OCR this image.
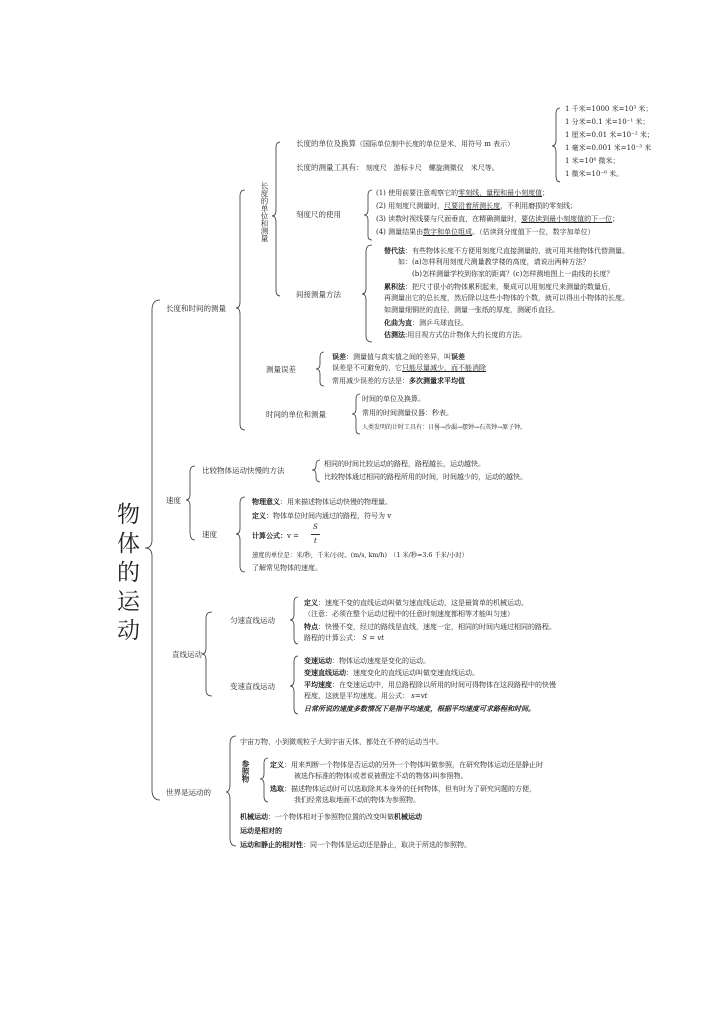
物体的运动
长度和时间的测量
长度的单位和测量
长度的单位及换算（国际单位制中长度的单位是米，用符号 m 表示）
长度的测量工具有： 刻度尺　游标卡尺　螺旋测微仪　米尺等。
1 千米=1000 米=10³ 米；
1 分米=0.1 米=10⁻¹ 米；
1 厘米=0.01 米=10⁻² 米；
1 毫米=0.001 米=10⁻³ 米
1 米=10⁶ 微米；
1 微米=10⁻⁶ 米。
刻度尺的使用
(1) 使用前要注意观察它的零刻线、量程和最小刻度值；
(2) 用刻度尺测量时，尺要沿着所测长度，不利用磨损的零刻线；
(3) 读数时视线要与尺面垂直，在精确测量时，要估读到最小刻度值的下一位；
(4) 测量结果由数字和单位组成。（估读到分度值下一位，数字加单位）
间接测量方法
替代法：有些物体长度不方便用刻度尺直接测量的，就可用其他物体代替测量。
如：(a)怎样利用刻度尺测量教学楼的高度，请说出两种方法？
(b)怎样测量学校到你家的距离？(c)怎样测地图上一曲线的长度？
累积法：把尺寸很小的物体累积起来，聚成可以用刻度尺来测量的数量后，
再测量出它的总长度，然后除以这些小物体的个数，就可以得出小物体的长度。
如测量细铜丝的直径，测量一张纸的厚度，测硬币直径。
化曲为直：测乒乓球直径。
估测法:用目视方式估计物体大约长度的方法。
测量误差
误差：测量值与真实值之间的差异，叫误差
误差是不可避免的，它只能尽量减少，而不能消除
常用减少误差的方法是：多次测量求平均值
时间的单位和测量
时间的单位及换算。
常用的时间测量仪器：秒表。
人类发明的计时工具有：日晷→沙漏→摆钟→石英钟→原子钟。
速度
比较物体运动快慢的方法
相同的时间比较运动的路程，路程越长，运动越快。
比较物体通过相同的路程所用的时间，时间越少的，运动的越快。
速度
物理意义：用来描述物体运动快慢的物理量。
定义：物体单位时间内通过的路程，符号为 v
计算公式：v =
S
t
速度的单位是：米/秒，千米/小时。(m/s, km/h)　（1 米/秒=3.6 千米/小时）
了解常见物体的速度。
直线运动
匀速直线运动
定义：速度不变的直线运动叫做匀速直线运动，这是最简单的机械运动。
（注意：必须在整个运动过程中的任意时刻速度都相等才能叫匀速）
特点：快慢不变，经过的路线是直线，速度一定，相同的时间内通过相同的路程。
路程的计算公式： S = vt
变速直线运动
变速运动：物体运动速度是变化的运动。
变速直线运动：速度变化的直线运动叫做变速直线运动。
平均速度：在变速运动中，用总路程除以所用的时间可得物体在这段路程中的快慢
程度，这就是平均速度。用公式： s=vt
日常所说的速度多数情况下是指平均速度，根据平均速度可求路程和时间。
世界是运动的
宇宙万物，小到微观粒子大到宇宙天体，都处在不停的运动当中。
参照物	定义：用来判断一个物体是否运动的另外一个物体叫做参照，在研究物体运动还是静止时
被选作标准的物体(或者说被假定不动的物体)叫参照物。
选取：描述物体运动时可以选取除其本身外的任何物体，但有时为了研究问题的方便，
我们经常选取地面不动的物体为参照物。
机械运动：一个物体相对于参照物位置的改变叫做机械运动
运动是相对的
运动和静止的相对性：同一个物体是运动还是静止，取决于所选的参照物。
